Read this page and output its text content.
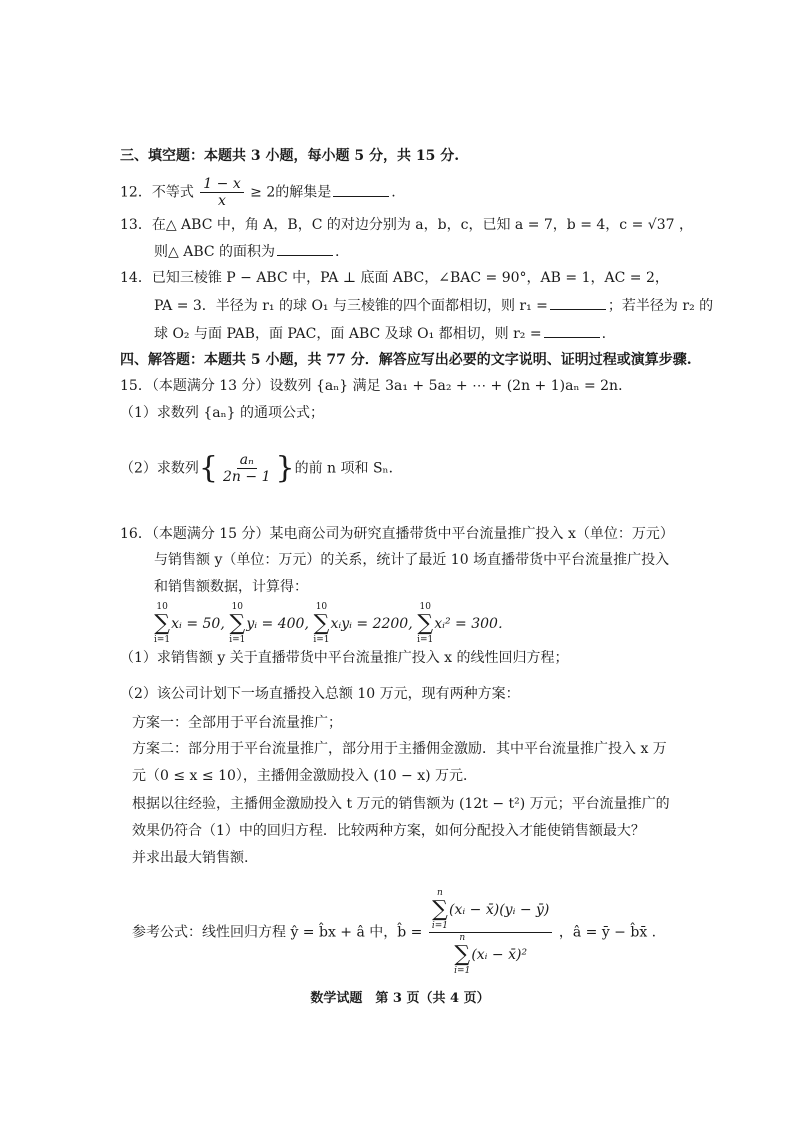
三、填空题：本题共 3 小题，每小题 5 分，共 15 分.
12．不等式 $\frac{1 - x}{x} \ge 2$的解集是	.
13．在△ ABC 中，角 A，B，C 的对边分别为 a，b，c，已知 a = 7，b = 4，c = √37 ，
则△ ABC 的面积为	.
14．已知三棱锥 P − ABC 中，PA ⊥ 底面 ABC，∠BAC = 90°，AB = 1，AC = 2，
PA = 3．半径为 r₁ 的球 O₁ 与三棱锥的四个面都相切，则 r₁ =	；若半径为 r₂ 的
球 O₂ 与面 PAB，面 PAC，面 ABC 及球 O₁ 都相切，则 r₂ =	.
四、解答题：本题共 5 小题，共 77 分．解答应写出必要的文字说明、证明过程或演算步骤.
15．（本题满分 13 分）设数列 {aₙ} 满足 3a₁ + 5a₂ + ⋯ + (2n + 1)aₙ = 2n．
（1）求数列 {aₙ} 的通项公式；
（2）求数列{ $\frac{\text{aₙ}}{2n - 1}$ }的前 n 项和 Sₙ．
16．（本题满分 15 分）某电商公司为研究直播带货中平台流量推广投入 x（单位：万元）
与销售额 y（单位：万元）的关系，统计了最近 10 场直播带货中平台流量推广投入
和销售额数据，计算得：
10
∑
i=1
xᵢ = 50,
10
∑
i=1
yᵢ = 400,
10
∑
i=1
xᵢyᵢ = 2200,
10
∑
i=1
xᵢ² = 300．
（1）求销售额 y 关于直播带货中平台流量推广投入 x 的线性回归方程；
（2）该公司计划下一场直播投入总额 10 万元，现有两种方案：
方案一：全部用于平台流量推广；
方案二：部分用于平台流量推广，部分用于主播佣金激励．其中平台流量推广投入 x 万
元（0 ≤ x ≤ 10），主播佣金激励投入 (10 − x) 万元．
根据以往经验，主播佣金激励投入 t 万元的销售额为 (12t − t²) 万元；平台流量推广的
效果仍符合（1）中的回归方程．比较两种方案，如何分配投入才能使销售额最大？
并求出最大销售额.
参考公式：线性回归方程 ŷ = b̂x + â 中，b̂ = n
∑
i=1
(xᵢ − x̄)(yᵢ − ȳ)
n
∑
i=1
(xᵢ − x̄)² ，â = ȳ − b̂x̄ .
数学试题　第 3 页（共 4 页）
